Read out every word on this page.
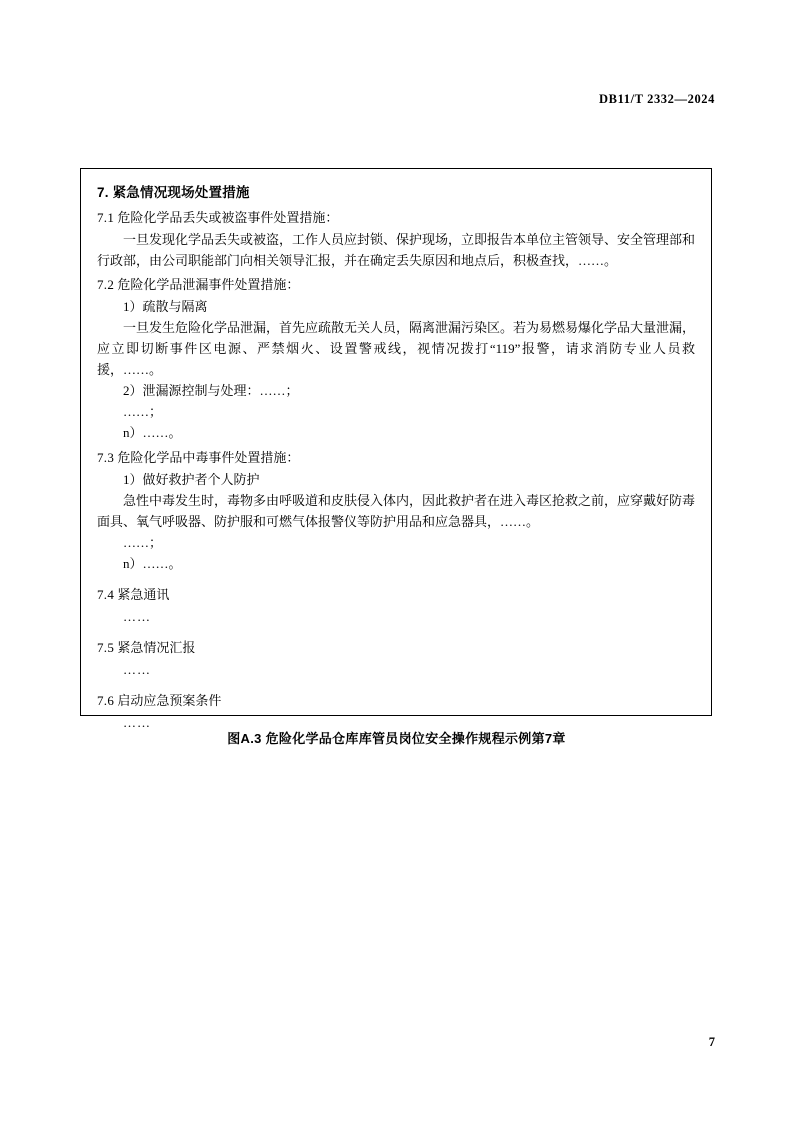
DB11/T 2332—2024
7. 紧急情况现场处置措施
7.1 危险化学品丢失或被盗事件处置措施：
一旦发现化学品丢失或被盗，工作人员应封锁、保护现场，立即报告本单位主管领导、安全管理部和行政部，由公司职能部门向相关领导汇报，并在确定丢失原因和地点后，积极查找，……。
7.2 危险化学品泄漏事件处置措施：
1）疏散与隔离
一旦发生危险化学品泄漏，首先应疏散无关人员，隔离泄漏污染区。若为易燃易爆化学品大量泄漏，应立即切断事件区电源、严禁烟火、设置警戒线，视情况拨打“119”报警，请求消防专业人员救援，……。
2）泄漏源控制与处理：……；
……；
n）……。
7.3 危险化学品中毒事件处置措施：
1）做好救护者个人防护
急性中毒发生时，毒物多由呼吸道和皮肤侵入体内，因此救护者在进入毒区抢救之前，应穿戴好防毒面具、氧气呼吸器、防护服和可燃气体报警仪等防护用品和应急器具，……。
……；
n）……。
7.4 紧急通讯
……
7.5 紧急情况汇报
……
7.6 启动应急预案条件
……
图A.3 危险化学品仓库库管员岗位安全操作规程示例第7章
7
